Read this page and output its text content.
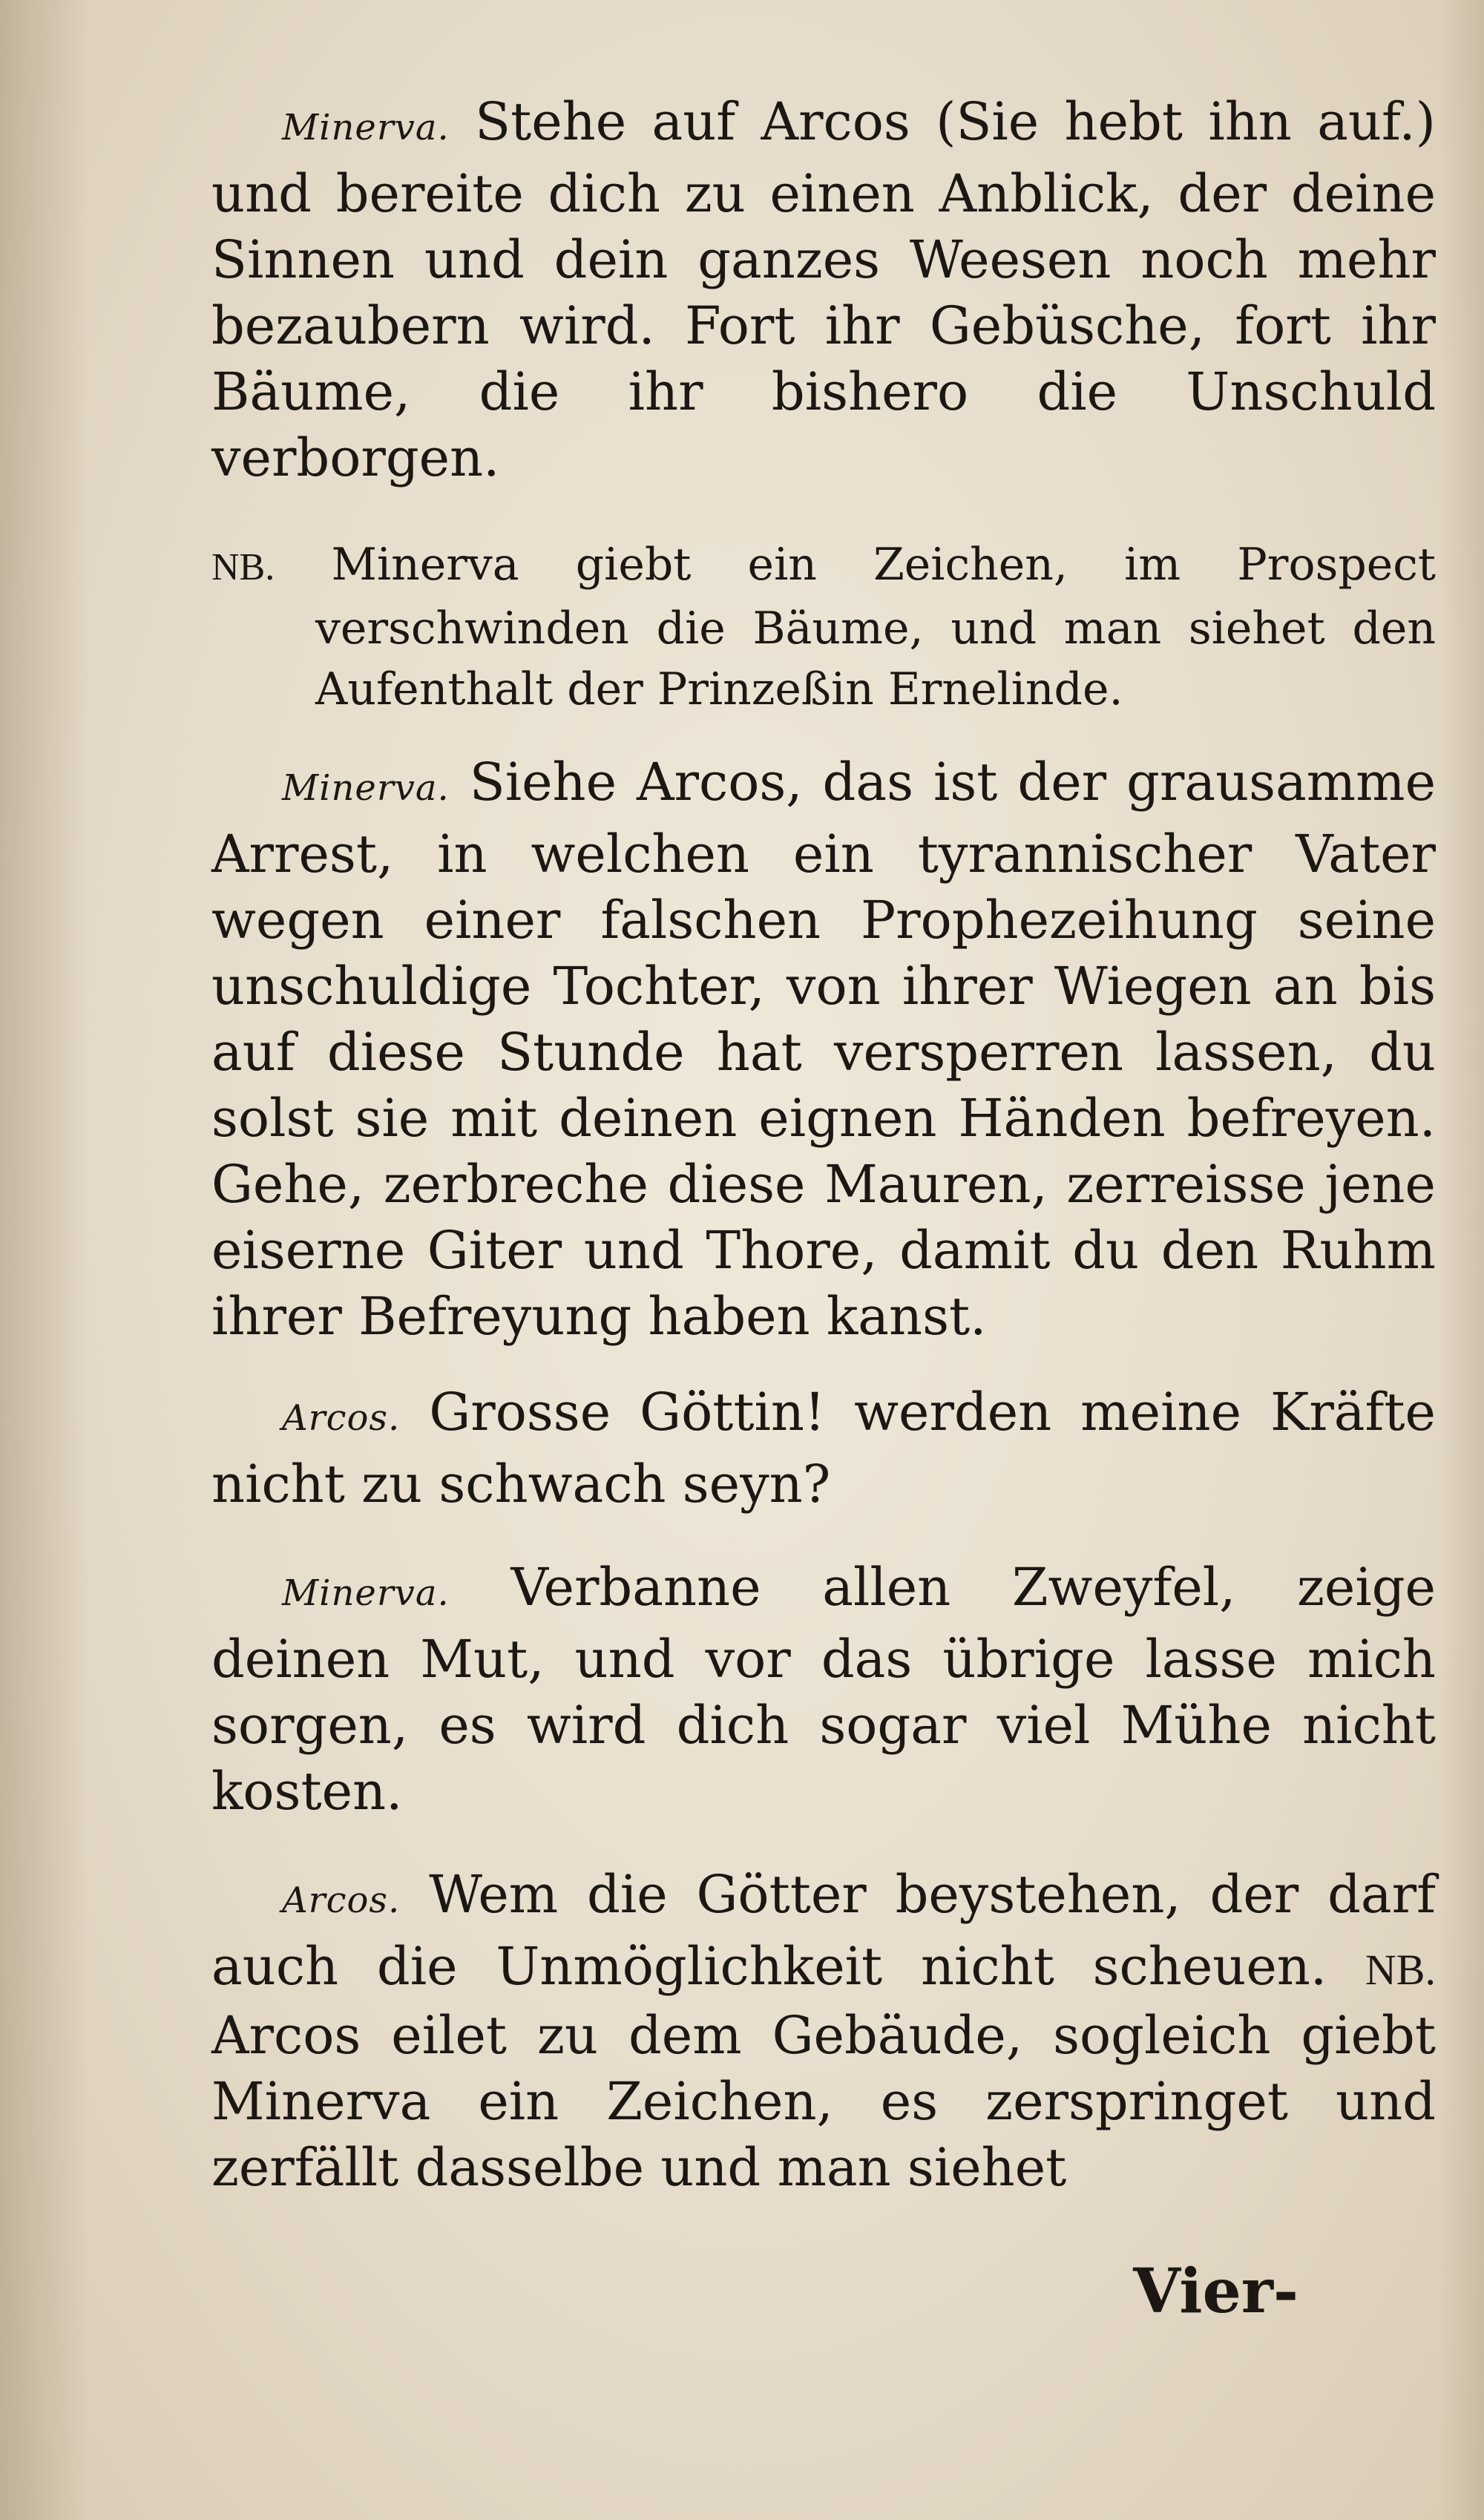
Minerva. Stehe auf Arcos (Sie hebt ihn auf.) und bereite dich zu einen Anblick, der deine Sinnen und dein ganzes Weesen noch mehr bezaubern wird. Fort ihr Gebüsche, fort ihr Bäume, die ihr bishero die Unschuld verborgen.

NB. Minerva giebt ein Zeichen, im Prospect verschwinden die Bäume, und man siehet den Aufenthalt der Prinzeßin Ernelinde.

Minerva. Siehe Arcos, das ist der grausamme Arrest, in welchen ein tyrannischer Vater wegen einer falschen Prophezeihung seine unschuldige Tochter, von ihrer Wiegen an bis auf diese Stunde hat versperren lassen, du solst sie mit deinen eignen Händen befreyen. Gehe, zerbreche diese Mauren, zerreisse jene eiserne Giter und Thore, damit du den Ruhm ihrer Befreyung haben kanst.

Arcos. Grosse Göttin! werden meine Kräfte nicht zu schwach seyn?

Minerva. Verbanne allen Zweyfel, zeige deinen Mut, und vor das übrige lasse mich sorgen, es wird dich sogar viel Mühe nicht kosten.

Arcos. Wem die Götter beystehen, der darf auch die Unmöglichkeit nicht scheuen. NB. Arcos eilet zu dem Gebäude, sogleich giebt Minerva ein Zeichen, es zerspringet und zerfällt dasselbe und man siehet

Vier-
